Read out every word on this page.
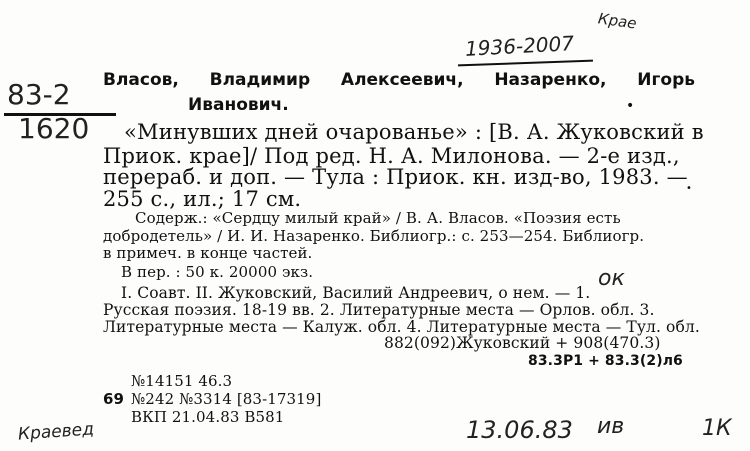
1936-2007
Крае
83-2
1620
•
•
Власов, Владимир Алексеевич, Назаренко, Игорь
Иванович.
«Минувших дней очарованье» : [В. А. Жуковский в
Приок. крае]/ Под ред. Н. А. Милонова. — 2-е изд.,
перераб. и доп. — Тула : Приок. кн. изд-во, 1983. —
255 с., ил.; 17 см.
Содерж.: «Сердцу милый край» / В. А. Власов. «Поэзия есть
добродетель» / И. И. Назаренко. Библиогр.: с. 253—254. Библиогр.
в примеч. в конце частей.
В пер. : 50 к. 20000 экз.
I. Соавт. II. Жуковский, Василий Андреевич, о нем. — 1.
ок
Русская поэзия. 18-19 вв. 2. Литературные места — Орлов. обл. 3.
Литературные места — Калуж. обл. 4. Литературные места — Тул. обл.
882(092)Жуковский + 908(470.3)
83.3Р1 + 83.3(2)л6
№14151 46.3
69 №242 №3314 [83-17319]
ВКП 21.04.83 В581
Краевед	13.06.83 ив	1К
